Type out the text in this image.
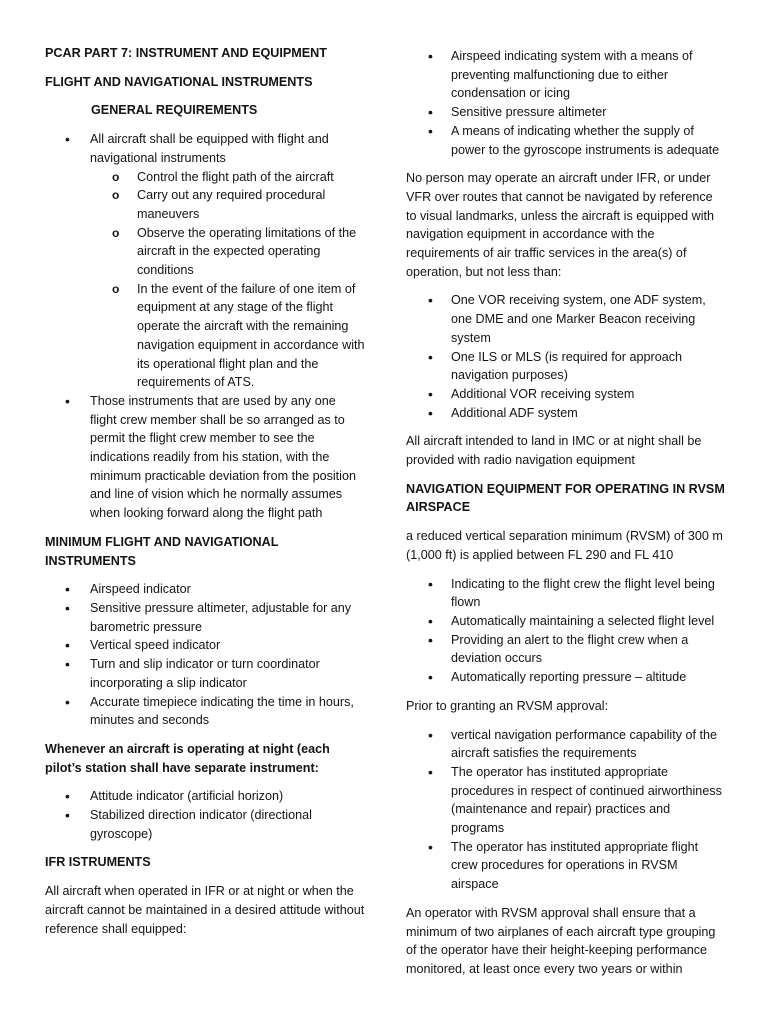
PCAR PART 7: INSTRUMENT AND EQUIPMENT
FLIGHT AND NAVIGATIONAL INSTRUMENTS
GENERAL REQUIREMENTS
• All aircraft shall be equipped with flight and navigational instruments
o Control the flight path of the aircraft
o Carry out any required procedural maneuvers
o Observe the operating limitations of the aircraft in the expected operating conditions
o In the event of the failure of one item of equipment at any stage of the flight operate the aircraft with the remaining navigation equipment in accordance with its operational flight plan and the requirements of ATS.
• Those instruments that are used by any one flight crew member shall be so arranged as to permit the flight crew member to see the indications readily from his station, with the minimum practicable deviation from the position and line of vision which he normally assumes when looking forward along the flight path
MINIMUM FLIGHT AND NAVIGATIONAL INSTRUMENTS
• Airspeed indicator
• Sensitive pressure altimeter, adjustable for any barometric pressure
• Vertical speed indicator
• Turn and slip indicator or turn coordinator incorporating a slip indicator
• Accurate timepiece indicating the time in hours, minutes and seconds
Whenever an aircraft is operating at night (each pilot’s station shall have separate instrument:
• Attitude indicator (artificial horizon)
• Stabilized direction indicator (directional gyroscope)
IFR ISTRUMENTS
All aircraft when operated in IFR or at night or when the aircraft cannot be maintained in a desired attitude without reference shall equipped:
• Airspeed indicating system with a means of preventing malfunctioning due to either condensation or icing
• Sensitive pressure altimeter
• A means of indicating whether the supply of power to the gyroscope instruments is adequate
No person may operate an aircraft under IFR, or under VFR over routes that cannot be navigated by reference to visual landmarks, unless the aircraft is equipped with navigation equipment in accordance with the requirements of air traffic services in the area(s) of operation, but not less than:
• One VOR receiving system, one ADF system, one DME and one Marker Beacon receiving system
• One ILS or MLS (is required for approach navigation purposes)
• Additional VOR receiving system
• Additional ADF system
All aircraft intended to land in IMC or at night shall be provided with radio navigation equipment
NAVIGATION EQUIPMENT FOR OPERATING IN RVSM AIRSPACE
a reduced vertical separation minimum (RVSM) of 300 m (1,000 ft) is applied between FL 290 and FL 410
• Indicating to the flight crew the flight level being flown
• Automatically maintaining a selected flight level
• Providing an alert to the flight crew when a deviation occurs
• Automatically reporting pressure – altitude
Prior to granting an RVSM approval:
• vertical navigation performance capability of the aircraft satisfies the requirements
• The operator has instituted appropriate procedures in respect of continued airworthiness (maintenance and repair) practices and programs
• The operator has instituted appropriate flight crew procedures for operations in RVSM airspace
An operator with RVSM approval shall ensure that a minimum of two airplanes of each aircraft type grouping of the operator have their height-keeping performance monitored, at least once every two years or within
